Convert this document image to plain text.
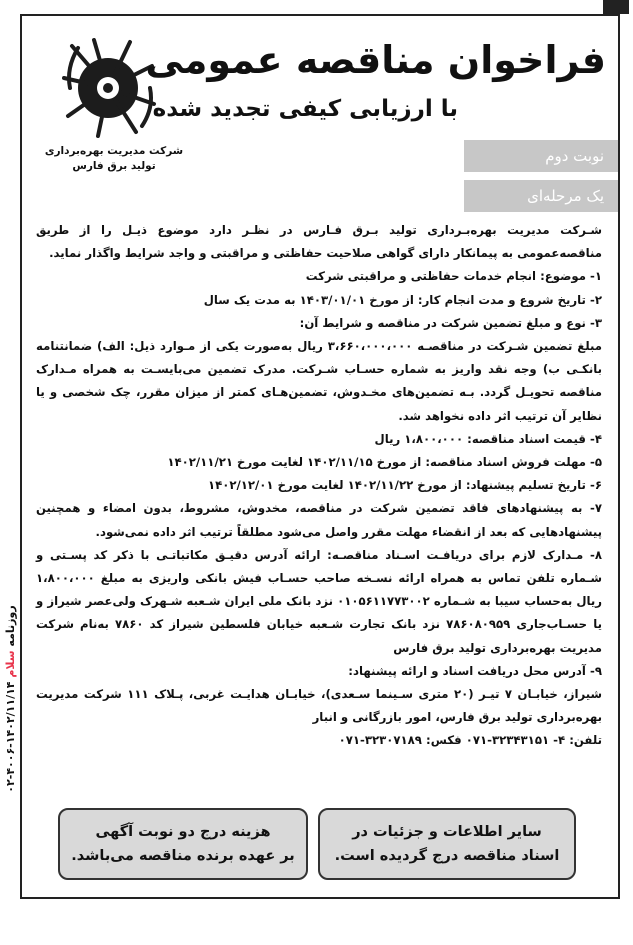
روزنامه سلام ۱۴۰۲/۱۱/۱۴-۴۰۰۶-۰۲
شرکت مدیریت بهره‌برداری
تولید برق فارس
فراخوان مناقصه عمومی
با ارزیابی کیفی تجدید شده
نوبت دوم
یک مرحله‌ای

شـرکت مدیریت بهره‌بـرداری تولید بـرق فـارس در نظـر دارد موضوع ذیـل را از طریق مناقصه‌عمومی به پیمانکار دارای گواهی صلاحیت حفاظتی و مراقبتی و واجد شرایط واگذار نماید.

۱- موضوع: انجام خدمات حفاظتی و مراقبتی شرکت

۲- تاریخ شروع و مدت انجام کار: از مورخ ۱۴۰۳/۰۱/۰۱ به مدت یک سال

۳- نوع و مبلغ تضمین شرکت در مناقصه و شرایط آن:

مبلغ تضمین شـرکت در مناقصـه ۳،۶۶۰،۰۰۰،۰۰۰ ریال به‌صورت یکی از مـوارد ذیل: الف) ضمانتنامه بانکـی ب) وجه نقد واریز به شماره حسـاب شـرکت. مدرک تضمین می‌بایسـت به همراه مـدارک مناقصه تحویـل گردد. بـه تضمین‌های مخـدوش، تضمین‌هـای کمتر از میزان مقرر، چک شخصی و یا نظایر آن ترتیب اثر داده نخواهد شد.

۴- قیمت اسناد مناقصه: ۱،۸۰۰،۰۰۰ ریال

۵- مهلت فروش اسناد مناقصه: از مورخ ۱۴۰۲/۱۱/۱۵ لغایت مورخ ۱۴۰۲/۱۱/۲۱

۶- تاریخ تسلیم پیشنهاد: از مورخ ۱۴۰۲/۱۱/۲۲ لغایت مورخ ۱۴۰۲/۱۲/۰۱

۷- به پیشنهادهای فاقد تضمین شرکت در مناقصه، مخدوش، مشروط، بدون امضاء و همچنین پیشنهادهایی که بعد از انقضاء مهلت مقرر واصل می‌شود مطلقاً ترتیب اثر داده نمی‌شود.

۸- مـدارک لازم برای دریافـت اسـناد مناقصـه: ارائه آدرس دقیـق مکاتباتـی با ذکر کد پسـتی و شـماره تلفن تماس به همراه ارائه نسـخه صاحب حسـاب فیش بانکی واریزی به مبلغ ۱،۸۰۰،۰۰۰ ریال به‌حساب سیبا به شـماره ۰۱۰۵۶۱۱۷۷۳۰۰۲ نزد بانک ملی ایران شـعبه شـهرک ولی‌عصر شیراز و یا حسـاب‌جاری ۷۸۶۰۸۰۹۵۹ نزد بانک تجارت شـعبه خیابان فلسطین شیراز کد ۷۸۶۰ به‌نام شرکت مدیریت بهره‌برداری تولید برق فارس

۹- آدرس محل دریافت اسناد و ارائه پیشنهاد:

شیراز، خیابـان ۷ تیـر (۲۰ متری سـینما سـعدی)، خیابـان هدایـت غربی، پـلاک ۱۱۱ شرکت مدیریت بهره‌برداری تولید برق فارس، امور بازرگانی و انبار

تلفن: ۴- ۳۲۳۴۳۱۵۱-۰۷۱ فکس: ۳۲۳۰۷۱۸۹-۰۷۱

سایر اطلاعات و جزئیات در
اسناد مناقصه درج گردیده است.
هزینه درج دو نوبت آگهی
بر عهده برنده مناقصه می‌باشد.
